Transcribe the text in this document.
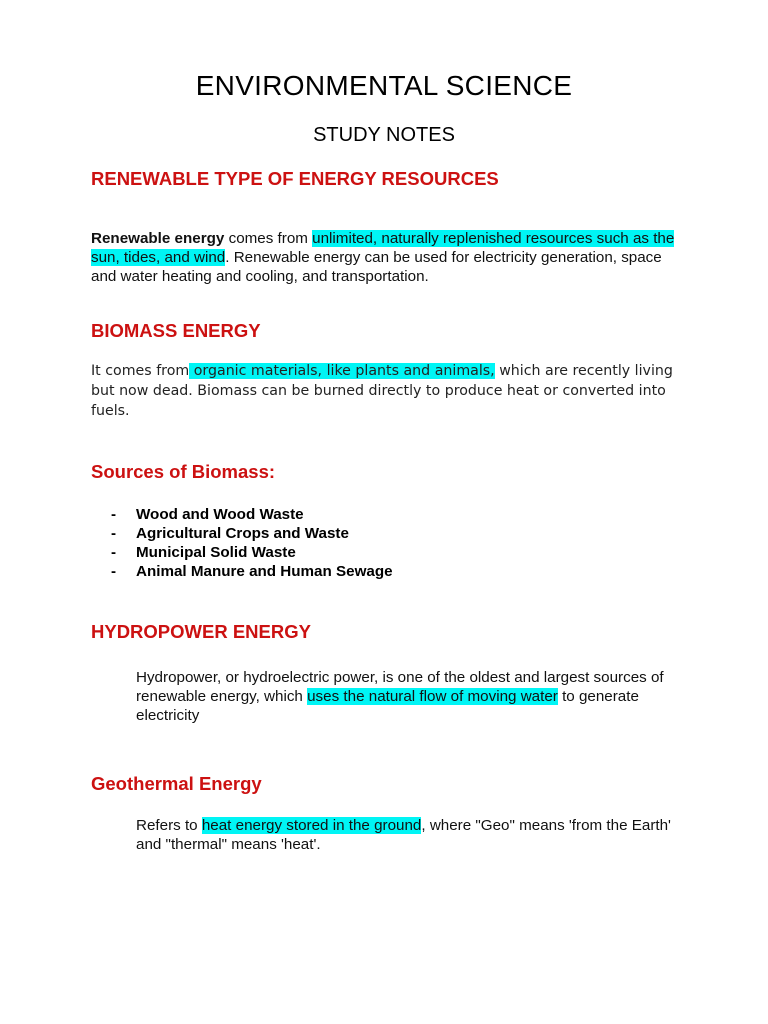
ENVIRONMENTAL SCIENCE
STUDY NOTES
RENEWABLE TYPE OF ENERGY RESOURCES

Renewable energy comes from unlimited, naturally replenished resources such as the sun, tides, and wind. Renewable energy can be used for electricity generation, space and water heating and cooling, and transportation.

BIOMASS ENERGY

It comes from organic materials, like plants and animals, which are recently living but now dead. Biomass can be burned directly to produce heat or converted into fuels.

Sources of Biomass:
- Wood and Wood Waste
- Agricultural Crops and Waste
- Municipal Solid Waste
- Animal Manure and Human Sewage
HYDROPOWER ENERGY

Hydropower, or hydroelectric power, is one of the oldest and largest sources of renewable energy, which uses the natural flow of moving water to generate electricity

Geothermal Energy

Refers to heat energy stored in the ground, where "Geo" means 'from the Earth' and "thermal" means 'heat'.
